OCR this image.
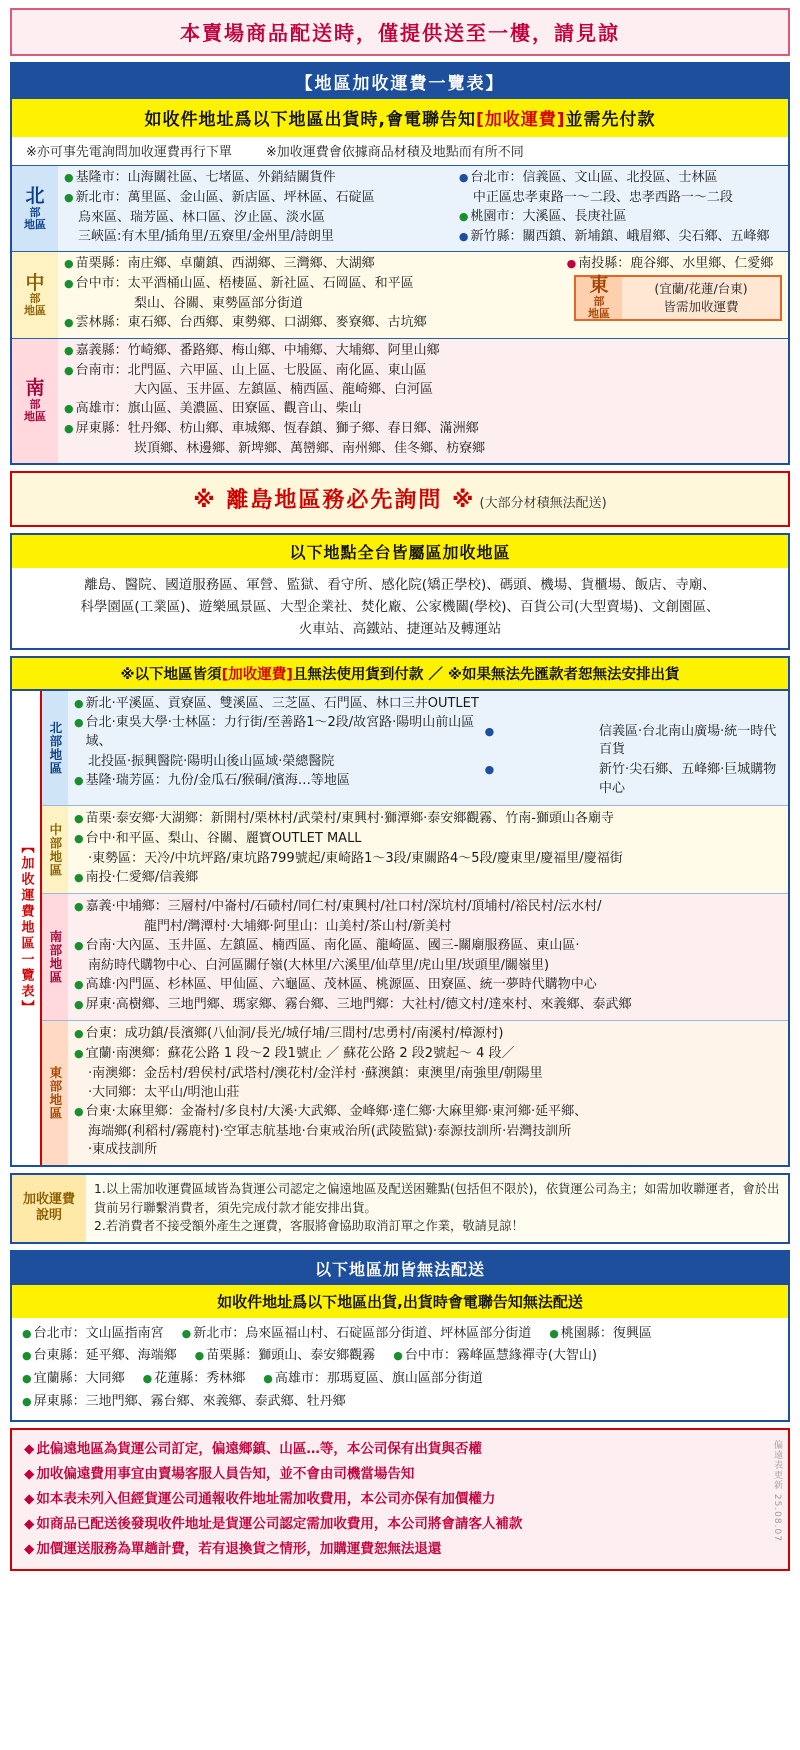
本賣場商品配送時，僅提供送至一樓，請見諒
【地區加收運費一覽表】
如收件地址爲以下地區出貨時,會電聯告知[加收運費]並需先付款
※亦可事先電詢問加收運費再行下單	※加收運費會依據商品材積及地點而有所不同
北
部
地區
● 基隆市：山海關社區、七堵區、外銷結關貨件
● 新北市：萬里區、金山區、新店區、坪林區、石碇區
烏來區、瑞芳區、林口區、汐止區、淡水區
三峽區:有木里/插角里/五寮里/金州里/詩朗里
● 台北市：信義區、文山區、北投區、士林區
中正區忠孝東路一～二段、忠孝西路一～二段
● 桃園市：大溪區、長庚社區
● 新竹縣：關西鎮、新埔鎮、峨眉鄉、尖石鄉、五峰鄉
中
部
地區
● 苗栗縣：南庄鄉、卓蘭鎮、西湖鄉、三灣鄉、大湖鄉
● 台中市：太平酒桶山區、梧棲區、新社區、石岡區、和平區
梨山、谷關、東勢區部分街道
● 雲林縣：東石鄉、台西鄉、東勢鄉、口湖鄉、麥寮鄉、古坑鄉
● 南投縣：鹿谷鄉、水里鄉、仁愛鄉
南
部
地區
● 嘉義縣：竹崎鄉、番路鄉、梅山鄉、中埔鄉、大埔鄉、阿里山鄉
● 台南市：北門區、六甲區、山上區、七股區、南化區、東山區
大內區、玉井區、左鎮區、楠西區、龍崎鄉、白河區
● 高雄市：旗山區、美濃區、田寮區、觀音山、柴山
● 屏東縣：牡丹鄉、枋山鄉、車城鄉、恆春鎮、獅子鄉、春日鄉、滿洲鄉
崁頂鄉、林邊鄉、新埤鄉、萬巒鄉、南州鄉、佳冬鄉、枋寮鄉
東
部
地區
(宜蘭/花蓮/台東)
皆需加收運費
※ 離島地區務必先詢問 ※ (大部分材積無法配送)
以下地點全台皆屬區加收地區

離島、醫院、國道服務區、軍營、監獄、看守所、感化院(矯正學校)、碼頭、機場、貨櫃場、飯店、寺廟、

科學園區(工業區)、遊樂風景區、大型企業社、焚化廠、公家機關(學校)、百貨公司(大型賣場)、文創園區、

火車站、高鐵站、捷運站及轉運站

※以下地區皆須[加收運費]且無法使用貨到付款 ／ ※如果無法先匯款者恕無法安排出貨
【加收運費地區一覽表】
北部地區
● 新北‧平溪區、貢寮區、雙溪區、三芝區、石門區、林口三井OUTLET
● 台北‧東吳大學‧士林區：力行街/至善路1～2段/故宮路‧陽明山前山區域、
北投區‧振興醫院‧陽明山後山區域‧榮總醫院
● 基隆‧瑞芳區：九份/金瓜石/猴硐/濱海…等地區
●	信義區‧台北南山廣場‧統一時代百貨
●	新竹‧尖石鄉、五峰鄉‧巨城購物中心
中部地區
● 苗栗‧泰安鄉‧大湖鄉：新開村/栗林村/武榮村/東興村‧獅潭鄉‧泰安鄉觀霧、竹南-獅頭山各廟寺
● 台中‧和平區、梨山、谷關、麗寶OUTLET MALL
‧東勢區：天冷/中坑坪路/東坑路799號起/東崎路1～3段/東關路4～5段/慶東里/慶福里/慶福街
● 南投‧仁愛鄉/信義鄉
南部地區
● 嘉義‧中埔鄉：三層村/中崙村/石碛村/同仁村/東興村/社口村/深坑村/頂埔村/裕民村/沄水村/
龍門村/灣潭村‧大埔鄉‧阿里山：山美村/茶山村/新美村
● 台南‧大內區、玉井區、左鎮區、楠西區、南化區、龍崎區、國三-關廟服務區、東山區‧
南紡時代購物中心、白河區關仔嶺(大林里/六溪里/仙草里/虎山里/崁頭里/關嶺里)
● 高雄‧內門區、杉林區、甲仙區、六龜區、茂林區、桃源區、田寮區、統一夢時代購物中心
● 屏東‧高樹鄉、三地門鄉、瑪家鄉、霧台鄉、三地門鄉：大社村/德文村/達來村、來義鄉、泰武鄉
東部地區
● 台東：成功鎮/長濱鄉(八仙洞/長光/城仔埔/三間村/忠勇村/南溪村/樟源村)
● 宜蘭‧南澳鄉：蘇花公路 1 段～2 段1號止 ／ 蘇花公路 2 段2號起～ 4 段／
‧南澳鄉：金岳村/碧侯村/武塔村/澳花村/金洋村 ‧蘇澳鎮：東澳里/南強里/朝陽里
‧大同鄉：太平山/明池山莊
● 台東‧太麻里鄉：金崙村/多良村/大溪‧大武鄉、金峰鄉‧達仁鄉‧大麻里鄉‧東河鄉‧延平鄉、
海端鄉(利稻村/霧鹿村)‧空軍志航基地‧台東戒治所(武陵監獄)‧泰源技訓所‧岩灣技訓所
‧東成技訓所
加收運費
說明
1.以上需加收運費區域皆為貨運公司認定之偏遠地區及配送困難點(包括但不限於)，依貨運公司為主；如需加收聯運者，會於出貨前另行聯繫消費者，須先完成付款才能安排出貨。
2.若消費者不接受額外產生之運費，客服將會協助取消訂單之作業，敬請見諒！
以下地區加皆無法配送
如收件地址爲以下地區出貨,出貨時會電聯告知無法配送
● 台北市：文山區指南宮 ● 新北市：烏來區福山村、石碇區部分街道、坪林區部分街道 ● 桃園縣：復興區
● 台東縣：延平鄉、海端鄉 ● 苗栗縣：獅頭山、泰安鄉觀霧 ● 台中市：霧峰區慧緣禪寺(大智山)
● 宜蘭縣：大同鄉 ● 花蓮縣：秀林鄉 ● 高雄市：那瑪夏區、旗山區部分街道
● 屏東縣：三地門鄉、霧台鄉、來義鄉、泰武鄉、牡丹鄉
◆ 此偏遠地區為貨運公司訂定，偏遠鄉鎮、山區…等，本公司保有出貨與否權
◆ 加收偏遠費用事宜由賣場客服人員告知，並不會由司機當場告知
◆ 如本表未列入但經貨運公司通報收件地址需加收費用，本公司亦保有加價權力
◆ 如商品已配送後發現收件地址是貨運公司認定需加收費用，本公司將會請客人補款
◆ 加價運送服務為單趟計費，若有退換貨之情形，加購運費恕無法退還
偏遠表更新 25.08.07
